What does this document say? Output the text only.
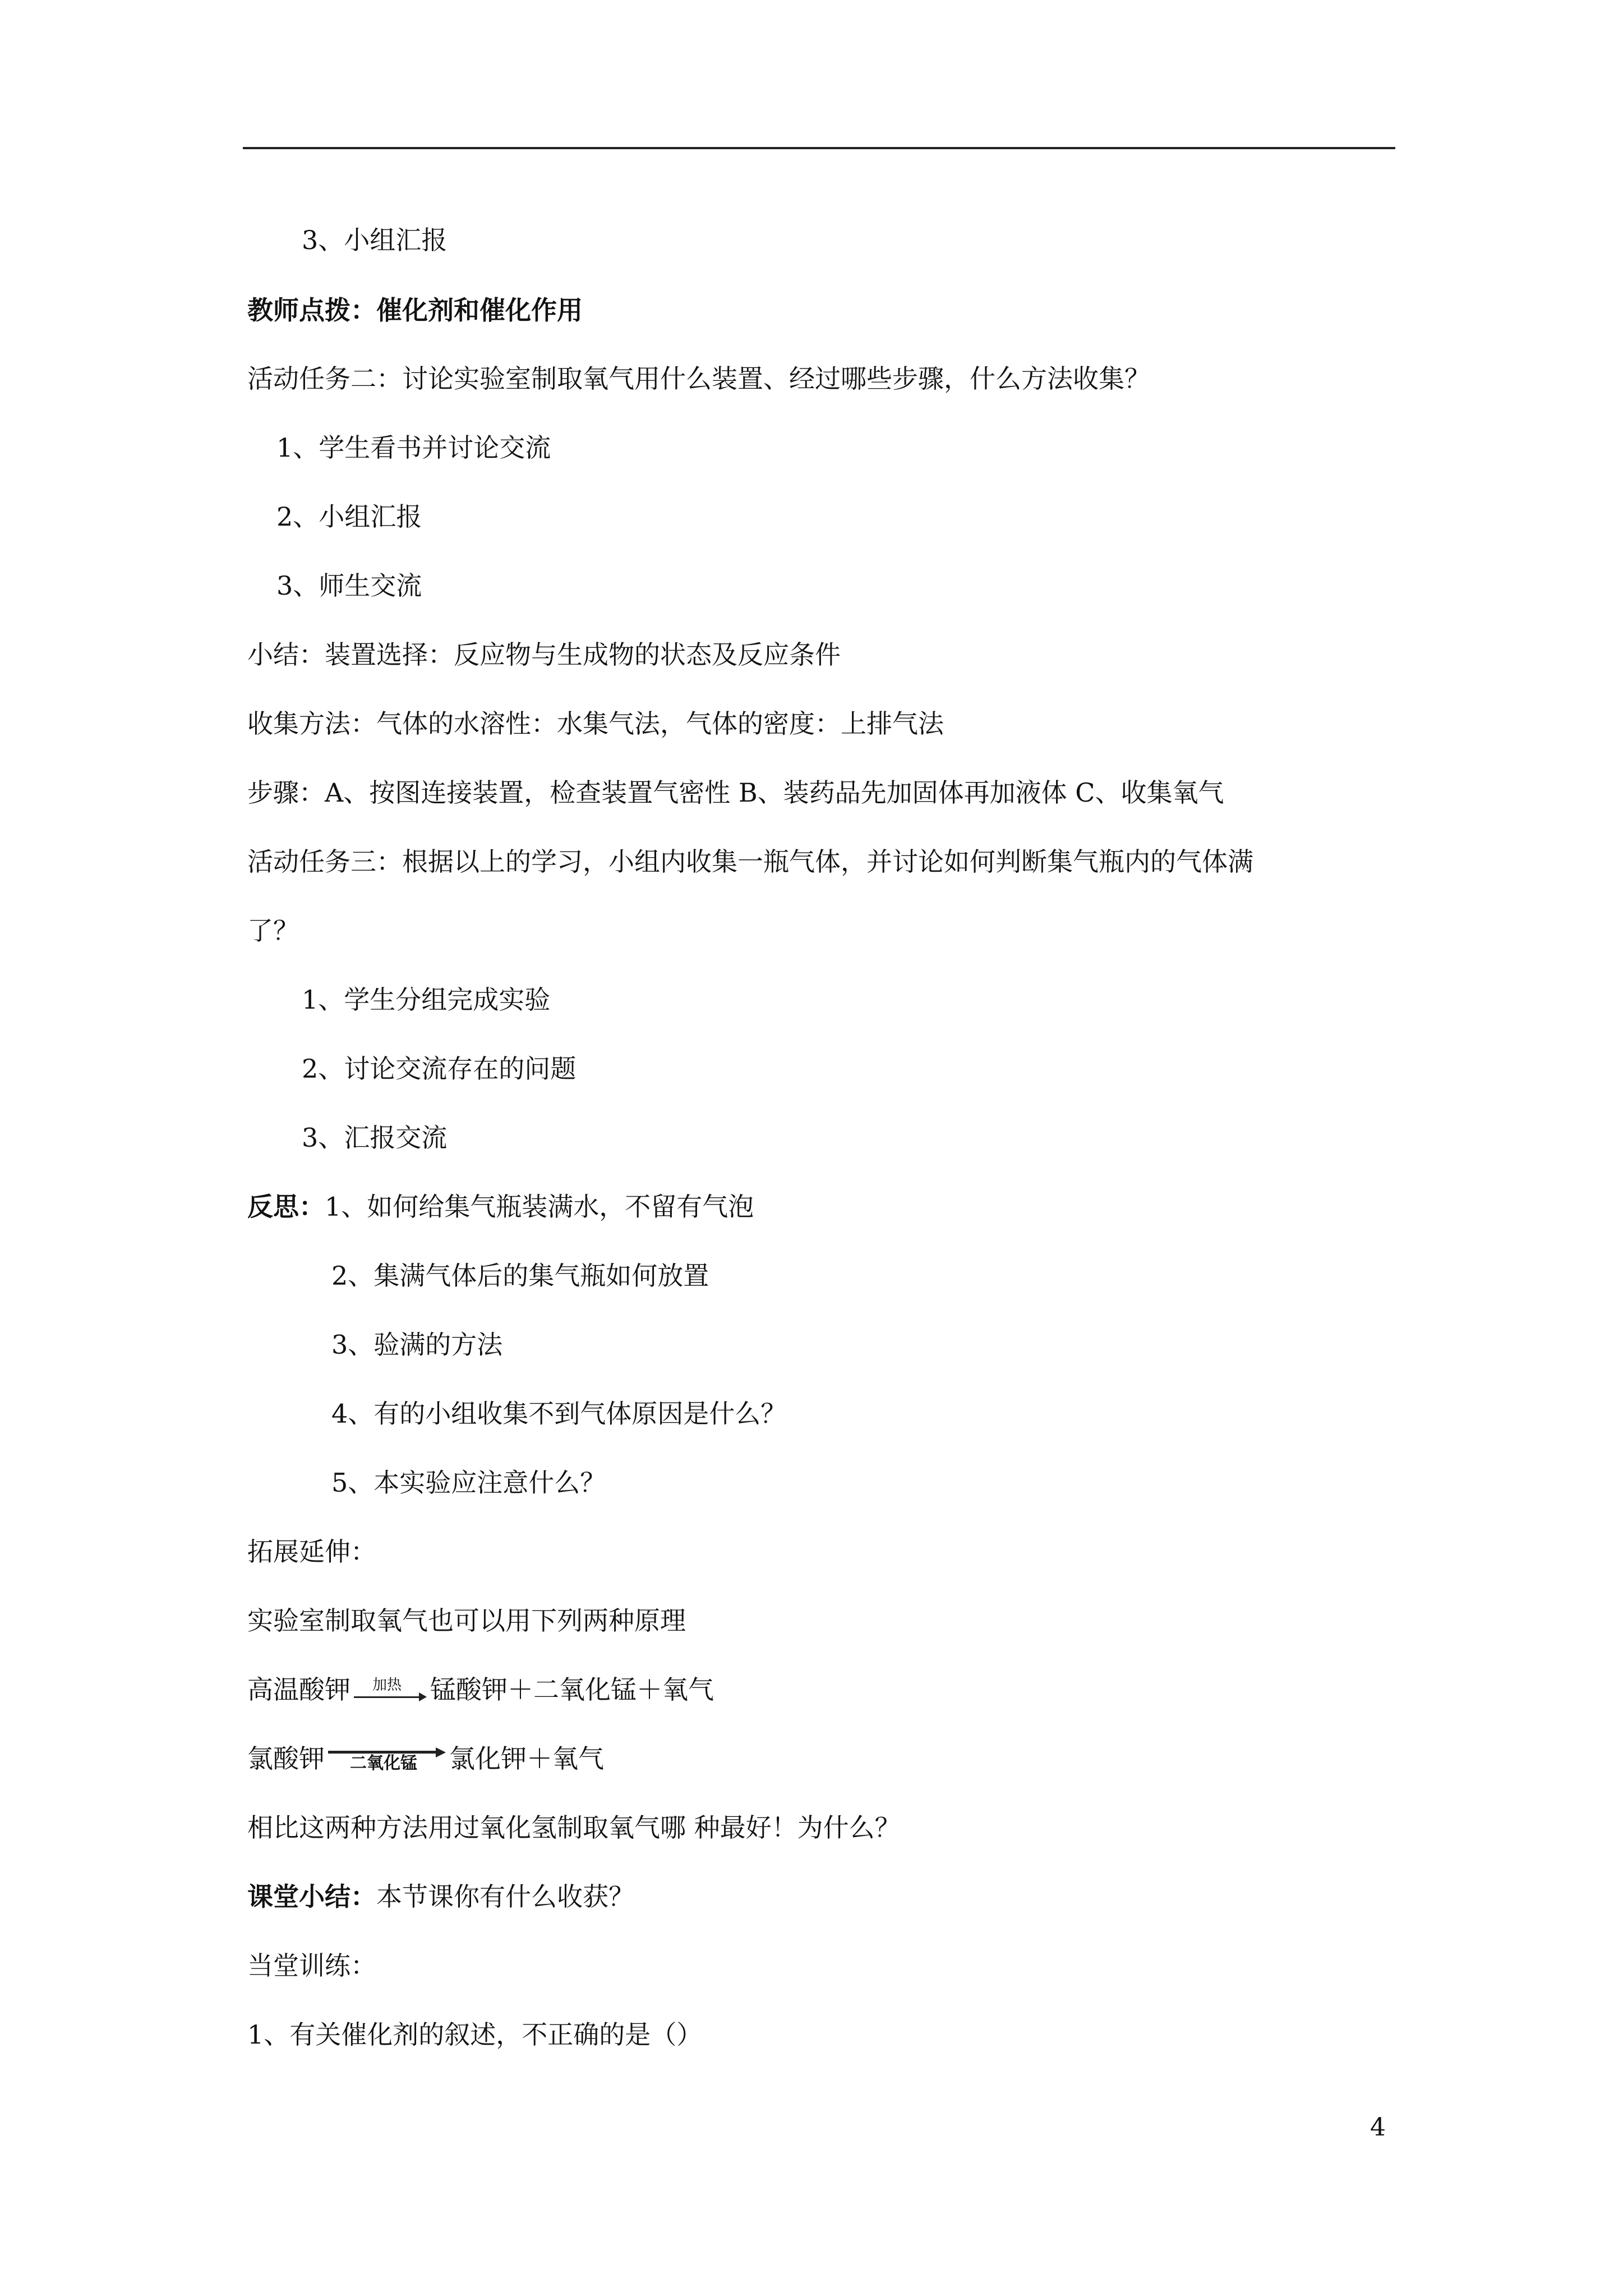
3、小组汇报
教师点拨：催化剂和催化作用
活动任务二：讨论实验室制取氧气用什么装置、经过哪些步骤，什么方法收集？
1、学生看书并讨论交流
2、小组汇报
3、师生交流
小结：装置选择：反应物与生成物的状态及反应条件
收集方法：气体的水溶性：水集气法，气体的密度：上排气法
步骤：A、按图连接装置，检查装置气密性 B、装药品先加固体再加液体 C、收集氧气
活动任务三：根据以上的学习，小组内收集一瓶气体，并讨论如何判断集气瓶内的气体满
了？
1、学生分组完成实验
2、讨论交流存在的问题
3、汇报交流
反思：1、如何给集气瓶装满水，不留有气泡
2、集满气体后的集气瓶如何放置
3、验满的方法
4、有的小组收集不到气体原因是什么？
5、本实验应注意什么？
拓展延伸：
实验室制取氧气也可以用下列两种原理
高温酸钾	加热	锰酸钾＋二氧化锰＋氧气
氯酸钾	二氧化锰	氯化钾＋氧气
相比这两种方法用过氧化氢制取氧气哪 种最好！为什么？
课堂小结：本节课你有什么收获？
当堂训练：
1、有关催化剂的叙述，不正确的是（）
4
